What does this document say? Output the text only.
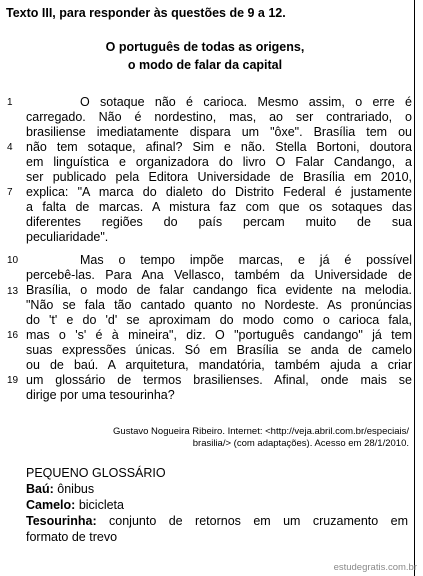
Texto III, para responder às questões de 9 a 12.
O português de todas as origens,
o modo de falar da capital
1
4
7
10
13
16
19
O sotaque não é carioca. Mesmo assim, o erre é
carregado. Não é nordestino, mas, ao ser contrariado, o
brasiliense imediatamente dispara um "ôxe". Brasília tem ou
não tem sotaque, afinal? Sim e não. Stella Bortoni, doutora
em linguística e organizadora do livro O Falar Candango, a
ser publicado pela Editora Universidade de Brasília em 2010,
explica: "A marca do dialeto do Distrito Federal é justamente
a falta de marcas. A mistura faz com que os sotaques das
diferentes regiões do país percam muito de sua
peculiaridade".
Mas o tempo impõe marcas, e já é possível
percebê-las. Para Ana Vellasco, também da Universidade de
Brasília, o modo de falar candango fica evidente na melodia.
"Não se fala tão cantado quanto no Nordeste. As pronúncias
do 't' e do 'd' se aproximam do modo como o carioca fala,
mas o 's' é à mineira", diz. O "português candango" já tem
suas expressões únicas. Só em Brasília se anda de camelo
ou de baú. A arquitetura, mandatória, também ajuda a criar
um glossário de termos brasilienses. Afinal, onde mais se
dirige por uma tesourinha?
Gustavo Nogueira Ribeiro. Internet: <http://veja.abril.com.br/especiais/
brasilia/> (com adaptações). Acesso em 28/1/2010.
PEQUENO GLOSSÁRIO
Baú: ônibus
Camelo: bicicleta
Tesourinha: conjunto de retornos em um cruzamento em
formato de trevo
estudegratis.com.br
